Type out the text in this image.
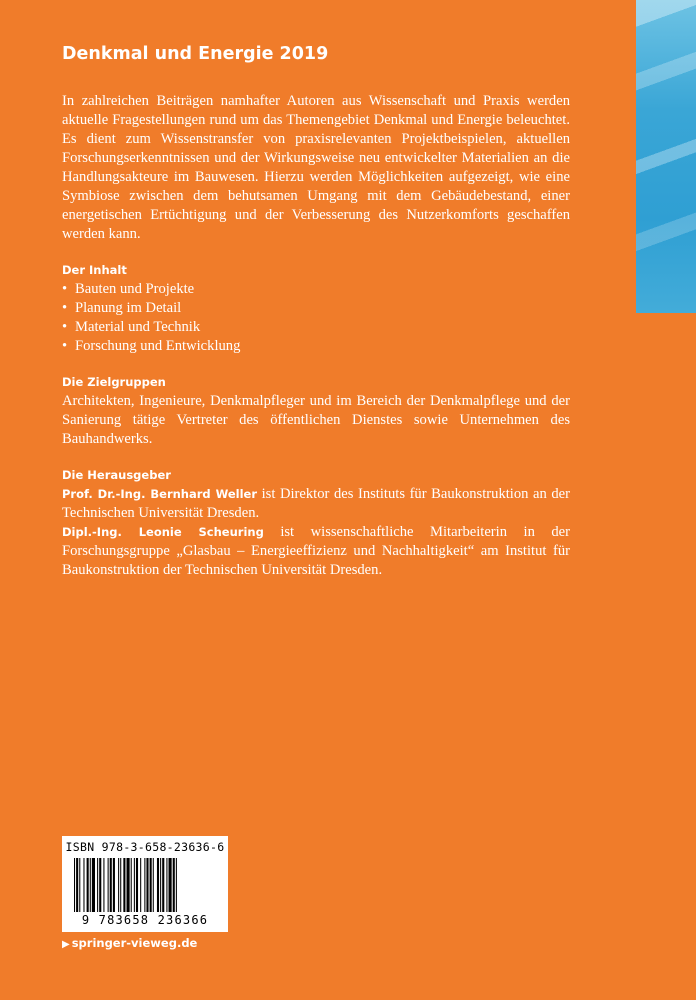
Denkmal und Energie 2019

In zahlreichen Beiträgen namhafter Autoren aus Wissenschaft und Praxis werden aktuelle Fragestellungen rund um das Themengebiet Denkmal und Energie beleuchtet. Es dient zum Wissenstransfer von praxisrelevanten Projektbeispielen, aktuellen Forschungserkenntnissen und der Wirkungsweise neu entwickelter Materialien an die Handlungsakteure im Bauwesen. Hierzu werden Möglichkeiten aufgezeigt, wie eine Symbiose zwischen dem behutsamen Umgang mit dem Gebäudebestand, einer energetischen Ertüchtigung und der Verbesserung des Nutzerkomforts geschaffen werden kann.

Der Inhalt

• Bauten und Projekte
• Planung im Detail
• Material und Technik
• Forschung und Entwicklung

Die Zielgruppen

Architekten, Ingenieure, Denkmalpfleger und im Bereich der Denkmalpflege und der Sanierung tätige Vertreter des öffentlichen Dienstes sowie Unternehmen des Bauhandwerks.

Die Herausgeber

Prof. Dr.-Ing. Bernhard Weller ist Direktor des Instituts für Baukonstruktion an der Technischen Universität Dresden.

Dipl.-Ing. Leonie Scheuring ist wissenschaftliche Mitarbeiterin in der Forschungsgruppe „Glasbau – Energieeffizienz und Nachhaltigkeit“ am Institut für Baukonstruktion der Technischen Universität Dresden.

ISBN 978-3-658-23636-6
9 783658 236366
▶ springer-vieweg.de
